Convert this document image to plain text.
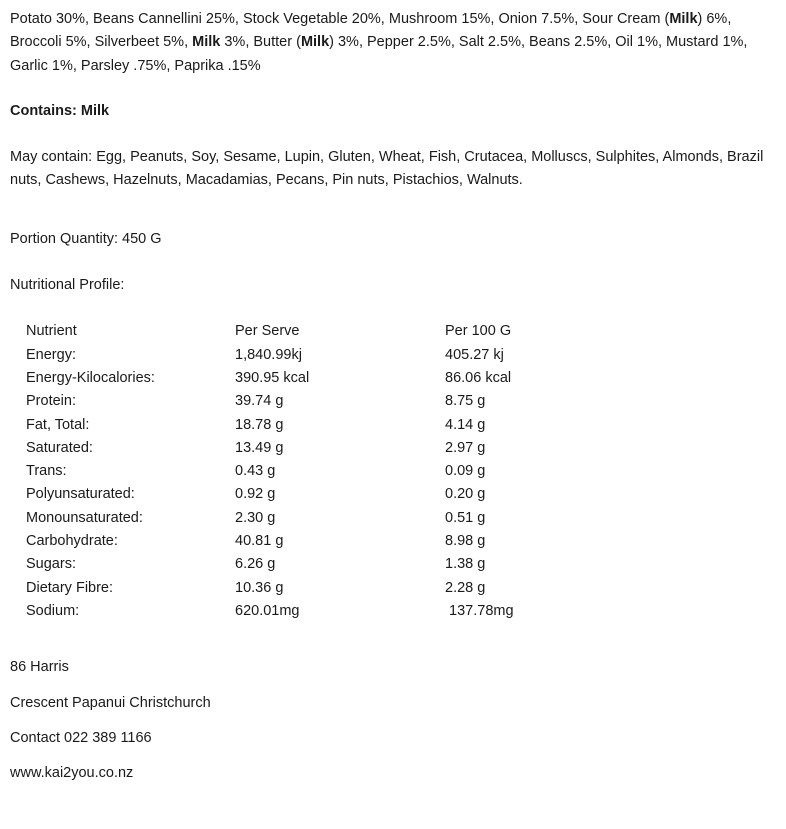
Potato 30%, Beans Cannellini 25%, Stock Vegetable 20%, Mushroom 15%, Onion 7.5%, Sour Cream (Milk) 6%, Broccoli 5%, Silverbeet 5%, Milk 3%, Butter (Milk) 3%, Pepper 2.5%, Salt 2.5%, Beans 2.5%, Oil 1%, Mustard 1%, Garlic 1%, Parsley .75%, Paprika .15%

Contains: Milk

May contain: Egg, Peanuts, Soy, Sesame, Lupin, Gluten, Wheat, Fish, Crutacea, Molluscs, Sulphites, Almonds, Brazil nuts, Cashews, Hazelnuts, Macadamias, Pecans, Pin nuts, Pistachios, Walnuts.

Portion Quantity: 450 G

Nutritional Profile:

Nutrient	Per Serve	Per 100 G
Energy:	1,840.99kj	405.27 kj
Energy-Kilocalories:	390.95 kcal	86.06 kcal
Protein:	39.74 g	8.75 g
Fat, Total:	18.78 g	4.14 g
Saturated:	13.49 g	2.97 g
Trans:	0.43 g	0.09 g
Polyunsaturated:	0.92 g	0.20 g
Monounsaturated:	2.30 g	0.51 g
Carbohydrate:	40.81 g	8.98 g
Sugars:	6.26 g	1.38 g
Dietary Fibre:	10.36 g	2.28 g
Sodium:	620.01mg	137.78mg
86 Harris
Crescent Papanui Christchurch
Contact 022 389 1166
www.kai2you.co.nz
